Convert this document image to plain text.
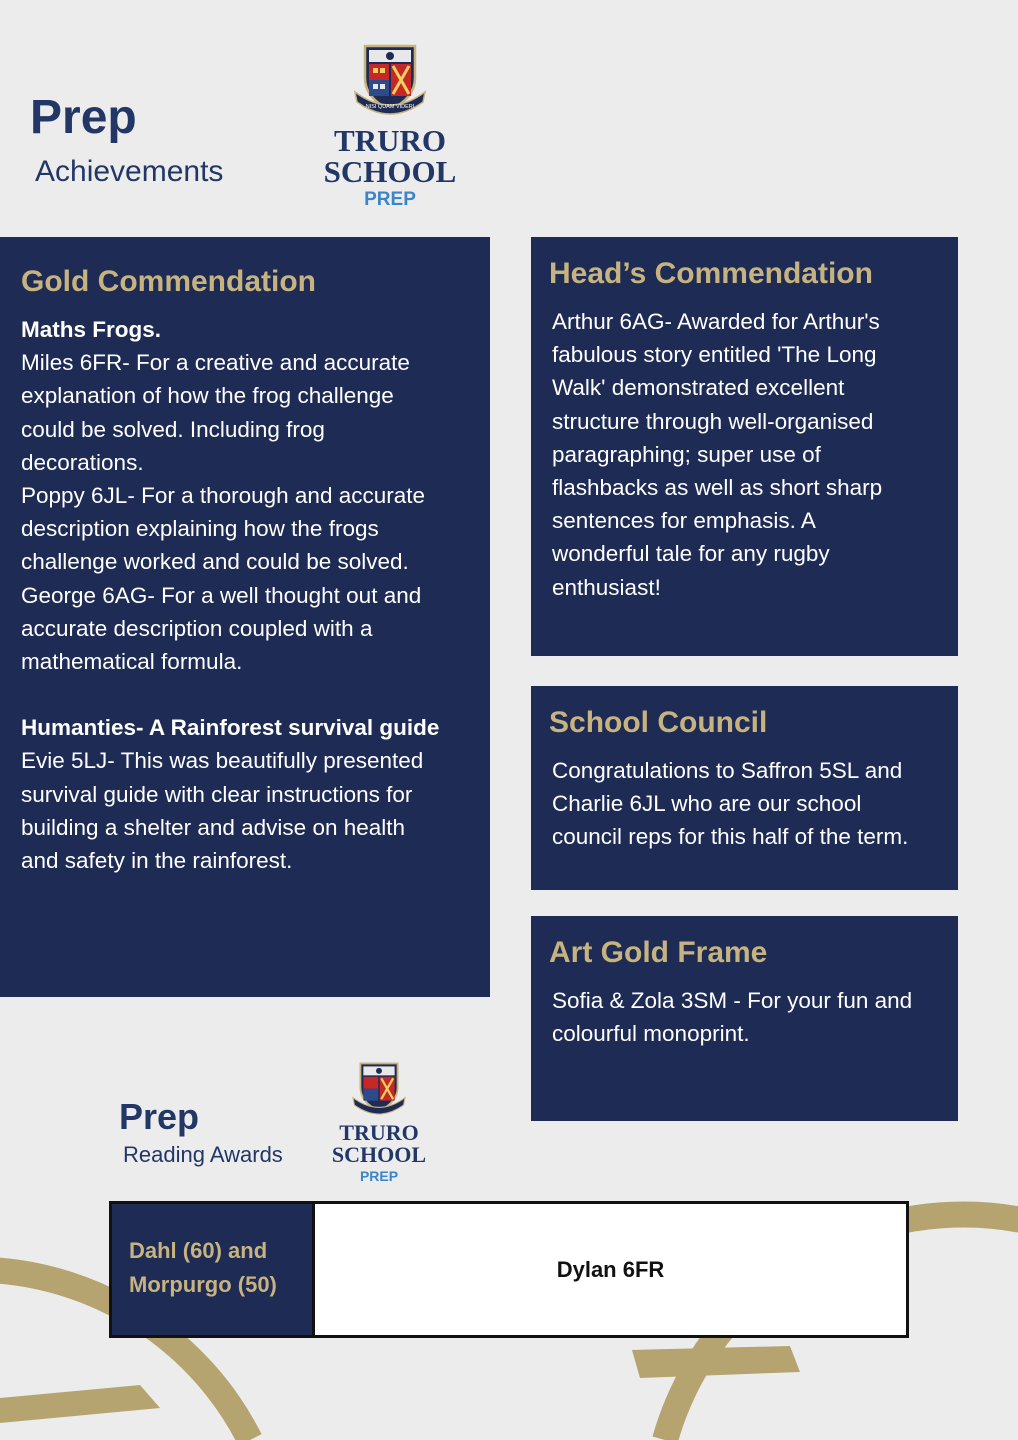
Prep
Achievements
NISI QUAM VIDERI
TRURO
SCHOOL
PREP
Gold Commendation
Maths Frogs.
Miles 6FR- For a creative and accurate
explanation of how the frog challenge
could be solved. Including frog
decorations.
Poppy 6JL- For a thorough and accurate
description explaining how the frogs
challenge worked and could be solved.
George 6AG- For a well thought out and
accurate description coupled with a
mathematical formula.
Humanties- A Rainforest survival guide
Evie 5LJ- This was beautifully presented
survival guide with clear instructions for
building a shelter and advise on health
and safety in the rainforest.
Head’s Commendation
Arthur 6AG- Awarded for Arthur's
fabulous story entitled 'The Long
Walk' demonstrated excellent
structure through well-organised
paragraphing; super use of
flashbacks as well as short sharp
sentences for emphasis. A
wonderful tale for any rugby
enthusiast!
School Council
Congratulations to Saffron 5SL and
Charlie 6JL who are our school
council reps for this half of the term.
Art Gold Frame
Sofia & Zola 3SM - For your fun and
colourful monoprint.
Prep
Reading Awards
TRURO
SCHOOL
PREP
Dahl (60) and
Morpurgo (50)
Dylan 6FR
